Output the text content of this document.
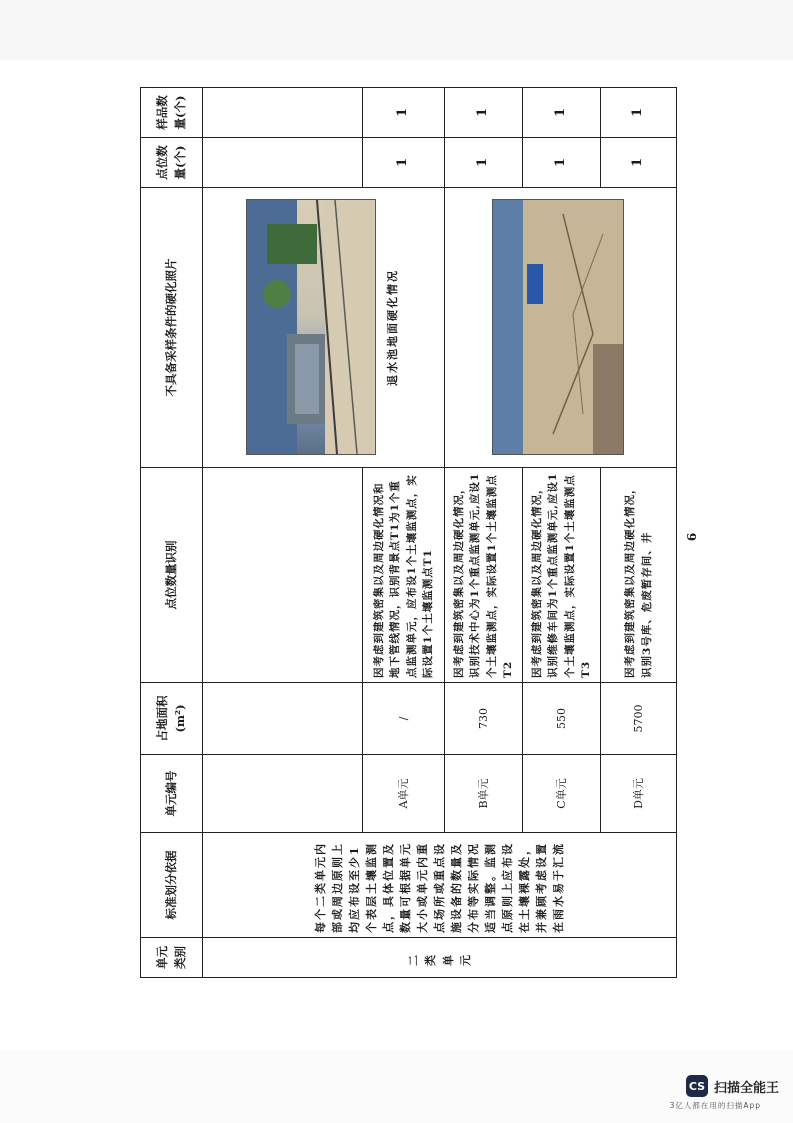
单元类别	标准划分依据	单元编号	占地面积(m²)	点位数量识别	不具备采样条件的硬化照片	点位数量(个)	样品数量(个)
二类单元	每个二类单元内部或周边原则上均应布设至少1个表层土壤监测点，具体位置及数量可根据单元大小或单元内重点场所或重点设施设备的数量及分布等实际情况适当调整。监测点原则上应布设在土壤裸露处，并兼顾考虑设置在雨水易于汇流				退水池地面硬化情况		

		A单元	/	因考虑到建筑密集以及周边硬化情况和地下管线情况，识别背景点T1为1个重点监测单元，应布设1个土壤监测点，实际设置1个土壤监测点T1		1	1
		B单元	730	因考虑到建筑密集以及周边硬化情况，识别技术中心为1个重点监测单元,应设1个土壤监测点，实际设置1个土壤监测点T2		1	1
		C单元	550	因考虑到建筑密集以及周边硬化情况，识别维修车间为1个重点监测单元,应设1个土壤监测点，实际设置1个土壤监测点T3		1	1
		D单元	5700	因考虑到建筑密集以及周边硬化情况，识别3号库、危废暂存间、井		1	1
6
CS 扫描全能王
3亿人都在用的扫描App
